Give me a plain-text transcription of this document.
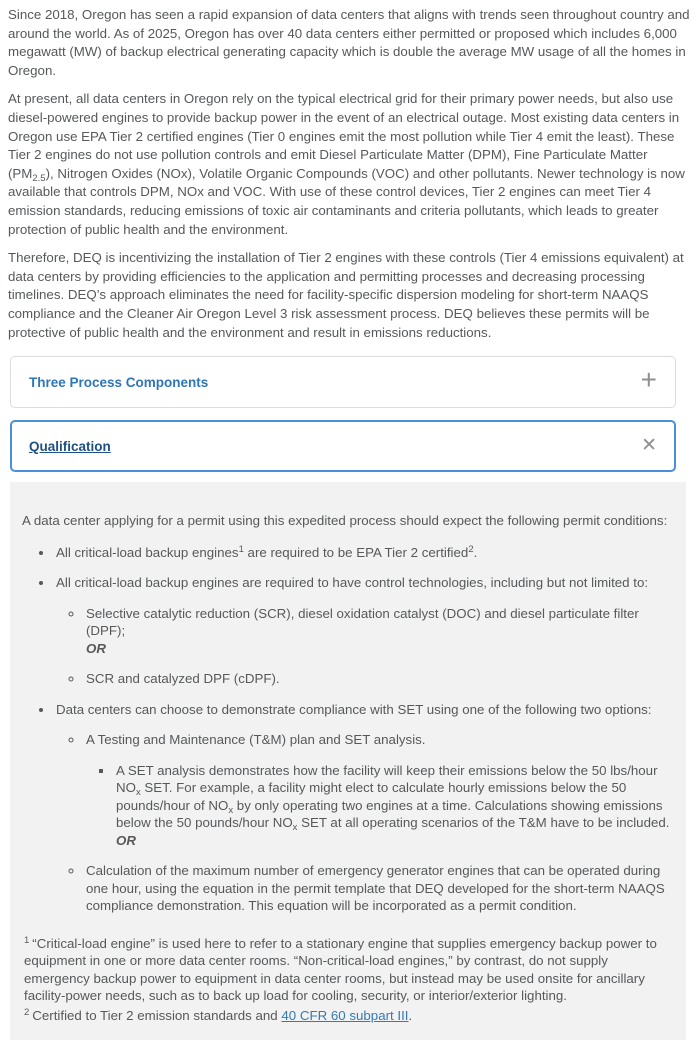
Since 2018, Oregon has seen a rapid expansion of data centers that aligns with trends seen throughout country and around the world. As of 2025, Oregon has over 40 data centers either permitted or proposed which includes 6,000 megawatt (MW) of backup electrical generating capacity which is double the average MW usage of all the homes in Oregon.

At present, all data centers in Oregon rely on the typical electrical grid for their primary power needs, but also use diesel-powered engines to provide backup power in the event of an electrical outage. Most existing data centers in Oregon use EPA Tier 2 certified engines (Tier 0 engines emit the most pollution while Tier 4 emit the least). These Tier 2 engines do not use pollution controls and emit Diesel Particulate Matter (DPM), Fine Particulate Matter $(PM_{2.5})$, Nitrogen Oxides (NOx), Volatile Organic Compounds (VOC) and other pollutants. Newer technology is now available that controls DPM, NOx and VOC. With use of these control devices, Tier 2 engines can meet Tier 4 emission standards, reducing emissions of toxic air contaminants and criteria pollutants, which leads to greater protection of public health and the environment.

Therefore, DEQ is incentivizing the installation of Tier 2 engines with these controls (Tier 4 emissions equivalent) at data centers by providing efficiencies to the application and permitting processes and decreasing processing timelines. DEQ’s approach eliminates the need for facility-specific dispersion modeling for short-term NAAQS compliance and the Cleaner Air Oregon Level 3 risk assessment process. DEQ believes these permits will be protective of public health and the environment and result in emissions reductions.

Three Process Components	+
Qualification	✕

A data center applying for a permit using this expedited process should expect the following permit conditions:

• All critical-load backup engines$^1$ are required to be EPA Tier 2 certified$^2$.
• All critical-load backup engines are required to have control technologies, including but not limited to:
◦ Selective catalytic reduction (SCR), diesel oxidation catalyst (DOC) and diesel particulate filter (DPF);
OR
◦ SCR and catalyzed DPF (cDPF).
• Data centers can choose to demonstrate compliance with SET using one of the following two options:
◦ A Testing and Maintenance (T&M) plan and SET analysis.
▪ A SET analysis demonstrates how the facility will keep their emissions below the 50 lbs/hour $NO_x$ SET. For example, a facility might elect to calculate hourly emissions below the 50 pounds/hour of $NO_x$ by only operating two engines at a time. Calculations showing emissions below the 50 pounds/hour $NO_x$ SET at all operating scenarios of the T&M have to be included.
OR
◦ Calculation of the maximum number of emergency generator engines that can be operated during one hour, using the equation in the permit template that DEQ developed for the short-term NAAQS compliance demonstration. This equation will be incorporated as a permit condition.
$^1$ “Critical-load engine” is used here to refer to a stationary engine that supplies emergency backup power to equipment in one or more data center rooms. “Non-critical-load engines,” by contrast, do not supply emergency backup power to equipment in data center rooms, but instead may be used onsite for ancillary facility-power needs, such as to back up load for cooling, security, or interior/exterior lighting.
$^2$ Certified to Tier 2 emission standards and 40 CFR 60 subpart III.
